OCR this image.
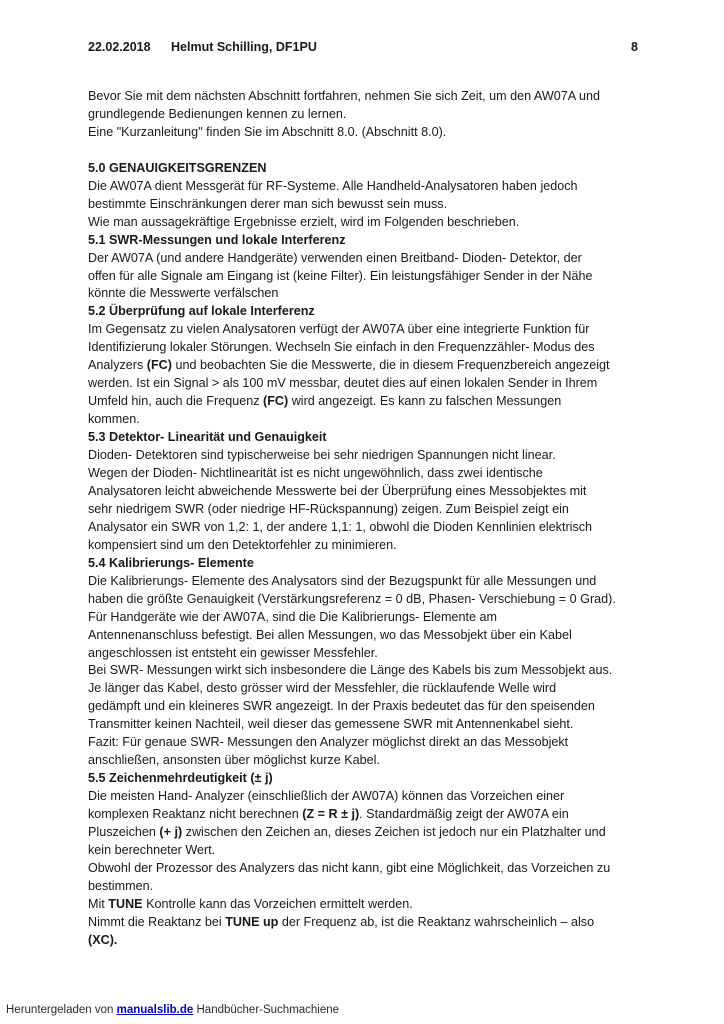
22.02.2018 Helmut Schilling, DF1PU	8

Bevor Sie mit dem nächsten Abschnitt fortfahren, nehmen Sie sich Zeit, um den AW07A und

grundlegende Bedienungen kennen zu lernen.

Eine "Kurzanleitung" finden Sie im Abschnitt 8.0. (Abschnitt 8.0).

5.0 GENAUIGKEITSGRENZEN

Die AW07A dient Messgerät für RF-Systeme. Alle Handheld-Analysatoren haben jedoch

bestimmte Einschränkungen derer man sich bewusst sein muss.

Wie man aussagekräftige Ergebnisse erzielt, wird im Folgenden beschrieben.

5.1 SWR-Messungen und lokale Interferenz

Der AW07A (und andere Handgeräte) verwenden einen Breitband- Dioden- Detektor, der

offen für alle Signale am Eingang ist (keine Filter). Ein leistungsfähiger Sender in der Nähe

könnte die Messwerte verfälschen

5.2 Überprüfung auf lokale Interferenz

Im Gegensatz zu vielen Analysatoren verfügt der AW07A über eine integrierte Funktion für

Identifizierung lokaler Störungen. Wechseln Sie einfach in den Frequenzzähler- Modus des

Analyzers (FC) und beobachten Sie die Messwerte, die in diesem Frequenzbereich angezeigt

werden. Ist ein Signal > als 100 mV messbar, deutet dies auf einen lokalen Sender in Ihrem

Umfeld hin, auch die Frequenz (FC) wird angezeigt. Es kann zu falschen Messungen

kommen.

5.3 Detektor- Linearität und Genauigkeit

Dioden- Detektoren sind typischerweise bei sehr niedrigen Spannungen nicht linear.

Wegen der Dioden- Nichtlinearität ist es nicht ungewöhnlich, dass zwei identische

Analysatoren leicht abweichende Messwerte bei der Überprüfung eines Messobjektes mit

sehr niedrigem SWR (oder niedrige HF-Rückspannung) zeigen. Zum Beispiel zeigt ein

Analysator ein SWR von 1,2: 1, der andere 1,1: 1, obwohl die Dioden Kennlinien elektrisch

kompensiert sind um den Detektorfehler zu minimieren.

5.4 Kalibrierungs- Elemente

Die Kalibrierungs- Elemente des Analysators sind der Bezugspunkt für alle Messungen und

haben die größte Genauigkeit (Verstärkungsreferenz = 0 dB, Phasen- Verschiebung = 0 Grad).

Für Handgeräte wie der AW07A, sind die Die Kalibrierungs- Elemente am

Antennenanschluss befestigt. Bei allen Messungen, wo das Messobjekt über ein Kabel

angeschlossen ist entsteht ein gewisser Messfehler.

Bei SWR- Messungen wirkt sich insbesondere die Länge des Kabels bis zum Messobjekt aus.

Je länger das Kabel, desto grösser wird der Messfehler, die rücklaufende Welle wird

gedämpft und ein kleineres SWR angezeigt. In der Praxis bedeutet das für den speisenden

Transmitter keinen Nachteil, weil dieser das gemessene SWR mit Antennenkabel sieht.

Fazit: Für genaue SWR- Messungen den Analyzer möglichst direkt an das Messobjekt

anschließen, ansonsten über möglichst kurze Kabel.

5.5 Zeichenmehrdeutigkeit (± j)

Die meisten Hand- Analyzer (einschließlich der AW07A) können das Vorzeichen einer

komplexen Reaktanz nicht berechnen (Z = R ± j). Standardmäßig zeigt der AW07A ein

Pluszeichen (+ j) zwischen den Zeichen an, dieses Zeichen ist jedoch nur ein Platzhalter und

kein berechneter Wert.

Obwohl der Prozessor des Analyzers das nicht kann, gibt eine Möglichkeit, das Vorzeichen zu

bestimmen.

Mit TUNE Kontrolle kann das Vorzeichen ermittelt werden.

Nimmt die Reaktanz bei TUNE up der Frequenz ab, ist die Reaktanz wahrscheinlich – also

(XC).

Heruntergeladen von manualslib.de Handbücher-Suchmachiene
